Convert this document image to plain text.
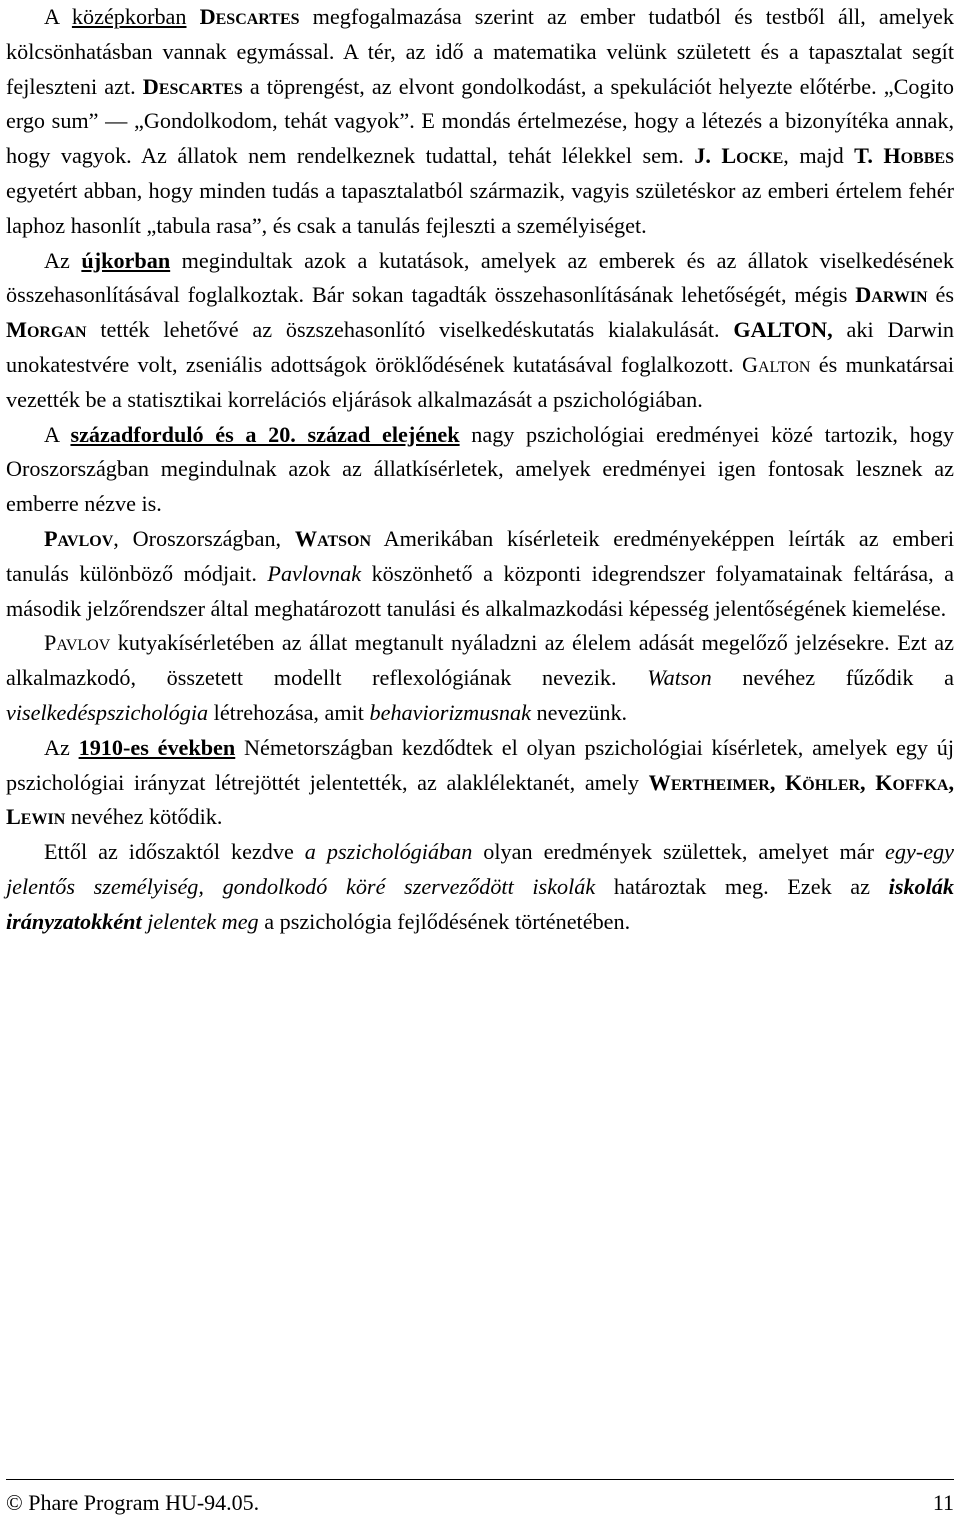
A középkorban Descartes megfogalmazása szerint az ember tudatból és testből áll, amelyek kölcsönhatásban vannak egymással. A tér, az idő a matematika velünk született és a tapasztalat segít fejleszteni azt. Descartes a töprengést, az elvont gondolkodást, a spekulációt helyezte előtérbe. „Cogito ergo sum” — „Gondolkodom, tehát vagyok”. E mondás értelmezése, hogy a létezés a bizonyítéka annak, hogy vagyok. Az állatok nem rendelkeznek tudattal, tehát lélekkel sem. J. Locke, majd T. Hobbes egyetért abban, hogy minden tudás a tapasztalatból származik, vagyis születéskor az emberi értelem fehér laphoz hasonlít „tabula rasa”, és csak a tanulás fejleszti a személyiséget.

Az újkorban megindultak azok a kutatások, amelyek az emberek és az állatok viselkedésének összehasonlításával foglalkoztak. Bár sokan tagadták összehasonlításának lehetőségét, mégis Darwin és Morgan tették lehetővé az öszszehasonlító viselkedéskutatás kialakulását. GALTON, aki Darwin unokatestvére volt, zseniális adottságok öröklődésének kutatásával foglalkozott. Galton és munkatársai vezették be a statisztikai korrelációs eljárások alkalmazását a pszichológiában.

A századforduló és a 20. század elejének nagy pszichológiai eredményei közé tartozik, hogy Oroszországban megindulnak azok az állatkísérletek, amelyek eredményei igen fontosak lesznek az emberre nézve is.

Pavlov, Oroszországban, Watson Amerikában kísérleteik eredményeképpen leírták az emberi tanulás különböző módjait. Pavlovnak köszönhető a központi idegrendszer folyamatainak feltárása, a második jelzőrendszer által meghatározott tanulási és alkalmazkodási képesség jelentőségének kiemelése.

Pavlov kutyakísérletében az állat megtanult nyáladzni az élelem adását megelőző jelzésekre. Ezt az alkalmazkodó, összetett modellt reflexológiának nevezik. Watson nevéhez fűződik a viselkedéspszichológia létrehozása, amit behaviorizmusnak nevezünk.

Az 1910-es években Németországban kezdődtek el olyan pszichológiai kísérletek, amelyek egy új pszichológiai irányzat létrejöttét jelentették, az alaklélektanét, amely Wertheimer, Köhler, Koffka, Lewin nevéhez kötődik.

Ettől az időszaktól kezdve a pszichológiában olyan eredmények születtek, amelyet már egy-egy jelentős személyiség, gondolkodó köré szerveződött iskolák határoztak meg. Ezek az iskolák irányzatokként jelentek meg a pszichológia fejlődésének történetében.

© Phare Program HU-94.05.	11
